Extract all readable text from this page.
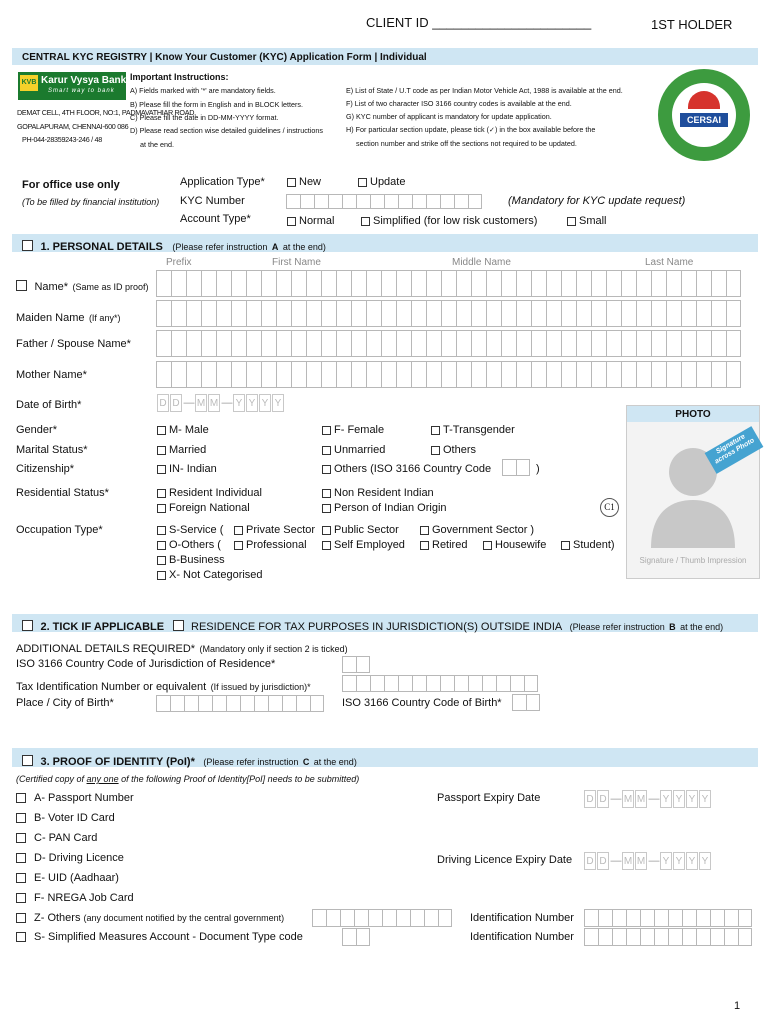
CLIENT ID ______________________	1ST HOLDER
CENTRAL KYC REGISTRY | Know Your Customer (KYC) Application Form | Individual
KVB Karur Vysya Bank
Smart way to bank
DEMAT CELL, 4TH FLOOR, NO:1, PADMAVATHIAR ROAD,
GOPALAPURAM, CHENNAI-600 086
PH-044-28359243-246 / 48
Important Instructions:
A) Fields marked with '*' are mandatory fields.
B) Please fill the form in English and in BLOCK letters.
C) Please fill the date in DD-MM-YYYY format.
D) Please read section wise detailed guidelines / instructions
at the end.
E) List of State / U.T code as per Indian Motor Vehicle Act, 1988 is available at the end.
F) List of two character ISO 3166 country codes is available at the end.
G) KYC number of applicant is mandatory for update application.
H) For particular section update, please tick (✓) in the box available before the
section number and strike off the sections not required to be updated.
CERSAI
For office use only
(To be filled by financial institution)
Application Type*	New	Update
KYC Number	(Mandatory for KYC update request)
Account Type*	Normal	Simplified (for low risk customers)	Small
1. PERSONAL DETAILS (Please refer instruction A at the end)
Prefix	First Name	Middle Name	Last Name
Name* (Same as ID proof)
Maiden Name (If any*)
Father / Spouse Name*
Mother Name*
Date of Birth*	D D — M M — Y Y Y Y
Gender*	M- Male	F- Female	T-Transgender
Marital Status*	Married	Unmarried	Others
Citizenship*	IN- Indian	Others (ISO 3166 Country Code	)
Residential Status*	Resident Individual	Non Resident Indian
Foreign National	Person of Indian Origin	C1
Occupation Type*	S-Service (	Private Sector	Public Sector	Government Sector )
O-Others (	Professional	Self Employed	Retired	Housewife	Student)
B-Business
X- Not Categorised
PHOTO
Signature across Photo
Signature / Thumb Impression
2. TICK IF APPLICABLE RESIDENCE FOR TAX PURPOSES IN JURISDICTION(S) OUTSIDE INDIA (Please refer instruction B at the end)
ADDITIONAL DETAILS REQUIRED* (Mandatory only if section 2 is ticked)
ISO 3166 Country Code of Jurisdiction of Residence*
Tax Identification Number or equivalent (If issued by jurisdiction)*
Place / City of Birth*	ISO 3166 Country Code of Birth*
3. PROOF OF IDENTITY (PoI)* (Please refer instruction C at the end)
(Certified copy of any one of the following Proof of Identity[PoI] needs to be submitted)
A- Passport Number	Passport Expiry Date	D D — M M — Y Y Y Y
B- Voter ID Card
C- PAN Card
D- Driving Licence	Driving Licence Expiry Date D D — M M — Y Y Y Y
E- UID (Aadhaar)
F- NREGA Job Card
Z- Others (any document notified by the central government)	Identification Number
S- Simplified Measures Account - Document Type code	Identification Number
1
